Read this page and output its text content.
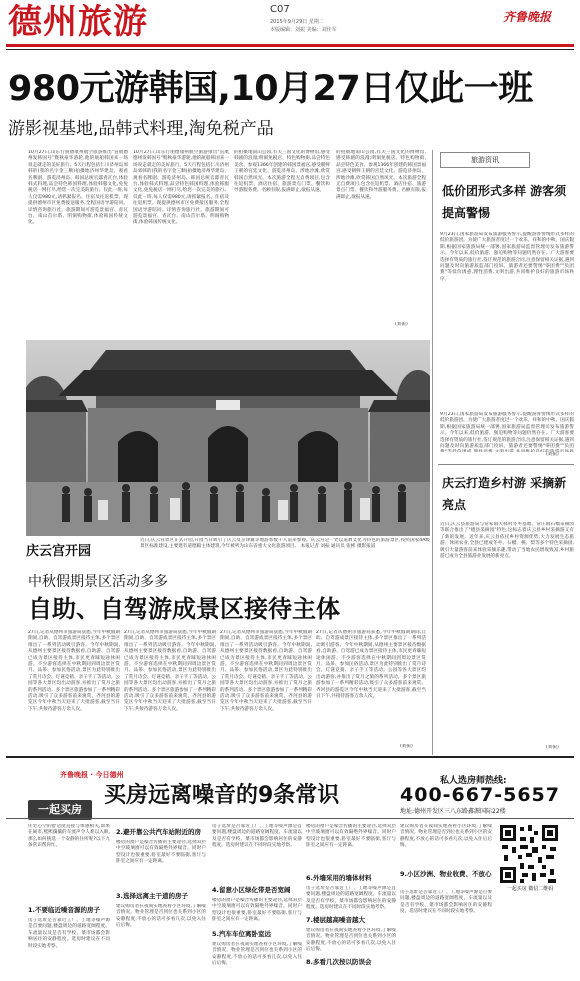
德州旅游	C07
2015年9月29日 星期二
本版编辑：刘振 美编：刘佳军
齐鲁晚报
980元游韩国,10月27日仅此一班
游影视基地,品韩式料理,淘免税产品
10月27日,山东行朋德康州航空旅游推出"直航德州发韩国号"暨秋豪华游轮,他的航船韩国来一场说走就走的美好旅行。5天行程包括仁川济州岛郊韩的(我的名字金三顺)拍摄地济州华建岛、观看名牌剧、游览济州岛、韩国总统官邸青瓦台,体验韩式料理,品尝特色韩国料理,体验韩服文化,免免税店一网打尽,给您一次完美的旅行。仅此一班,每人仅需980元,请抓紧报名。住宿及往返机票。现提供德州市区免费接送服务,全程国语导游陪同。详情咨询旅行社。旅游期间可游览景福宫、青瓦台、南山首尔塔、明洞购物街,体验韩国传统文化。
10月27日,山东行朋德康州航空旅游推出"直航德州发韩国号"暨秋豪华游轮,他的航船韩国来一场说走就走的美好旅行。5天行程包括仁川济州岛郊韩的(我的名字金三顺)拍摄地济州华建岛、观看名牌剧、游览济州岛、韩国总统官邸青瓦台,体验韩式料理,品尝特色韩国料理,体验韩服文化,免免税店一网打尽,给您一次完美的旅行。仅此一班,每人仅需980元,请抓紧报名。住宿及往返机票。现提供德州市区免费接送服务,全程国语导游陪同。详情咨询旅行社。旅游期间可游览景福宫、青瓦台、南山首尔塔、明洞购物街,体验韩国传统文化。
的拍摄地南山公园,有关三国文化的博物馆,感受韩剧的浪漫;明洞免税店、特色购物街,品尝特色美食。参观1366年创建的韩国景福宫,感受朝鲜王朝的宫廷文化。游览济州岛、涉地沙滩,欣赏韩国自然风光。本次旅游全程无自费项目,包含往返机票、酒店住宿、旅游景点门票、餐饮和导游服务费。名额有限,报满即止,欲报从速。
的拍摄地南山公园,有关三国文化的博物馆,感受韩剧的浪漫;明洞免税店、特色购物街,品尝特色美食。参观1366年创建的韩国景福宫,感受朝鲜王朝的宫廷文化。游览济州岛、涉地沙滩,欣赏韩国自然风光。本次旅游全程无自费项目,包含往返机票、酒店住宿、旅游景点门票、餐饮和导游服务费。名额有限,报满即止,欲报从速。
(刘振)
旅游资讯
低价团形式多样 游客须提高警惕
9月23日,国家旅游局发布旅游服务警示,提醒游客警惕形式多样的低价旅游团。为使广大旅游者度过一个欢乐、祥和的中秋、国庆假期,根据国家旅游局统一部署,国家旅游局监督管理司发布旅游警示。今年以来,低价旅游、强迫购物等问题仍然存在。广大游客要选择有资质的旅行社,签订规范的旅游合同,注意保留相关证据,遇到问题及时向旅游质监部门投诉。旅游者还要警惕"零团费""负团费"等低价诱惑,理性消费,文明出游,共同维护良好的旅游市场秩序。
9月23日,国家旅游局发布旅游服务警示,提醒游客警惕形式多样的低价旅游团。为使广大旅游者度过一个欢乐、祥和的中秋、国庆假期,根据国家旅游局统一部署,国家旅游局监督管理司发布旅游警示。今年以来,低价旅游、强迫购物等问题仍然存在。广大游客要选择有资质的旅行社,签订规范的旅游合同,注意保留相关证据,遇到问题及时向旅游质监部门投诉。旅游者还要警惕"零团费""负团
(刘振)
庆云打造乡村游 采摘新亮点
近日,庆云县旅游局与常家镇大郝村冬枣基地、常庄镇石榴采摘园等联合推出了"德县采摘园"特色,这标志着庆云县乡村采摘游又有了新的发展。近年来,庆云县依托乡村资源优势,大力发展生态旅游、休闲农业,全县已建成冬枣、石榴、桃、梨等多个特色采摘园,吸引大量游客前来体验采摘乐趣,带动了当地农民增收致富,乡村旅游已成为全县旅游业发展的新亮点。
(刘振)
庆云宫开园
近日,庆云宫景区正式开园,开园当日吸引了庆云及京津冀等地游客数千人前来参观。庆云宫是一处以道教文化为特色的旅游景区,按照国家4A级景区标准建设,主要建有道德殿主体建筑,今年被列为山东省重大文化旅游项目。 本报记者 刘振 通讯员 张彬 摄影报道
中秋假期景区活动多多
自助、自驾游成景区接待主体
27日,记者从德州市旅游局获悉,今年中秋假期期间,自助、自驾游成景区接待主体,多个景区推出了一系列活动吸引游客。今年中秋期间,从德州主要景区接待数据看,自助游、自驾游已成为景区接待主体,市民更青睐短途休闲游。不少游客选择在中秋期间到周边景区赏月、品茶、参加民俗活动,景区为此特别推出了赏月诗会、灯谜竞猜、亲子手工等活动。公园等各大景区均出动游客,并推出了赏月之旅的系列活动。多个景区旅游参加了一系列精彩活动,吸引了众多游客前来观赏。齐河县的游览区今年中秋当天迎来了大批游客,截至当日下午,共接待游客万余人次。
27日,记者从德州市旅游局获悉,今年中秋假期期间,自助、自驾游成景区接待主体,多个景区推出了一系列活动吸引游客。今年中秋期间,从德州主要景区接待数据看,自助游、自驾游已成为景区接待主体,市民更青睐短途休闲游。不少游客选择在中秋期间到周边景区赏月、品茶、参加民俗活动,景区为此特别推出了赏月诗会、灯谜竞猜、亲子手工等活动。公园等各大景区均出动游客,并推出了赏月之旅的系列活动。多个景区旅游参加了一系列精彩活动,吸引了众多游客前来观赏。齐河县的游览区今年中秋当天迎来了大批游客,截至当日下午,共接待游客万余人次。
27日,记者从德州市旅游局获悉,今年中秋假期期间,自助、自驾游成景区接待主体,多个景区推出了一系列活动吸引游客。今年中秋期间,从德州主要景区接待数据看,自助游、自驾游已成为景区接待主体,市民更青睐短途休闲游。不少游客选择在中秋期间到周边景区赏月、品茶、参加民俗活动,景区为此特别推出了赏月诗会、灯谜竞猜、亲子手工等活动。公园等各大景区均出动游客,并推出了赏月之旅的系列活动。多个景区旅游参加了一系列精彩活动,吸引了众多游客前来观赏。齐河县的游览区今年中秋当天迎来了大批游客,截至当日下午,共接待游客万余人次。
27日,记者从德州市旅游局获悉,今年中秋假期期间,自助、自驾游成景区接待主体,多个景区推出了一系列活动吸引游客。今年中秋期间,从德州主要景区接待数据看,自助游、自驾游已成为景区接待主体,市民更青睐短途休闲游。不少游客选择在中秋期间到周边景区赏月、品茶、参加民俗活动,景区为此特别推出了赏月诗会、灯谜竞猜、亲子手工等活动。公园等各大景区均出动游客,并推出了赏月之旅的系列活动。多个景区旅游参加了一系列精彩活动,吸引了众多游客前来观赏。齐河县的游览区今年中秋当天迎来了大批游客,截至当日下午,共接待游客万余人次。
(刘振)
齐鲁晚报 · 今日德州
一起买房
买房远离噪音的9条常识
私人选房师热线:
400-667-5657
地址:德州开发区三八东路鑫源国际22楼
住宅心空的舒适度直接与体感相关,如果在闹市,熙熙攘攘的车流声令人难以入眠,那么如何挑选一个安静的住所呢?以下九条常识帮你忙。
1.不要临近噪音源的房子
房子选址是否靠近工厂、工地等噪声源是首要问题,楼盘周边的道路宽阔程度、车流量以及是否有学校、菜市场都会影响居住的安静程度。选房时建议在不同时段实地考察。
2.避开靠公共汽车站附近的房
楼房的窗户是噪音传播的主要途径,选择双层中空玻璃窗可以有效隔绝外界噪音。同时户型设计也很重要,卧室最好不要临街,客厅与卧室之间应有一定距离。
3.选择远离主干道的房子
建议购房者在夜间实地查看小区环境,了解噪音情况。物业管理是否到位也关系到小区的安静程度,不放心的话可多看几次,以免入住后后悔。
房子选址是否靠近工厂、工地等噪声源是首要问题,楼盘周边的道路宽阔程度、车流量以及是否有学校、菜市场都会影响居住的安静程度。选房时建议在不同时段实地考察。
4.留意小区绿化带是否宽阔
楼房的窗户是噪音传播的主要途径,选择双层中空玻璃窗可以有效隔绝外界噪音。同时户型设计也很重要,卧室最好不要临街,客厅与卧室之间应有一定距离。
5.汽车车位离卧室远
建议购房者在夜间实地查看小区环境,了解噪音情况。物业管理是否到位也关系到小区的安静程度,不放心的话可多看几次,以免入住后后悔。
楼房的窗户是噪音传播的主要途径,选择双层中空玻璃窗可以有效隔绝外界噪音。同时户型设计也很重要,卧室最好不要临街,客厅与卧室之间应有一定距离。
6.外墙采用的墙体材料
房子选址是否靠近工厂、工地等噪声源是首要问题,楼盘周边的道路宽阔程度、车流量以及是否有学校、菜市场都会影响居住的安静程度。选房时建议在不同时段实地考察。
7.楼层越高噪音越大
建议购房者在夜间实地查看小区环境,了解噪音情况。物业管理是否到位也关系到小区的安静程度,不放心的话可多看几次,以免入住后后悔。
8.多看几次按以防误会
建议购房者在夜间实地查看小区环境,了解噪音情况。物业管理是否到位也关系到小区的安静程度,不放心的话可多看几次,以免入住后后悔。
9.小区沙洲、物业收费、不放心
房子选址是否靠近工厂、工地等噪声源是首要问题,楼盘周边的道路宽阔程度、车流量以及是否有学校、菜市场都会影响居住的安静程度。选房时建议在不同时段实地考察。
一起买房 微信二维码
